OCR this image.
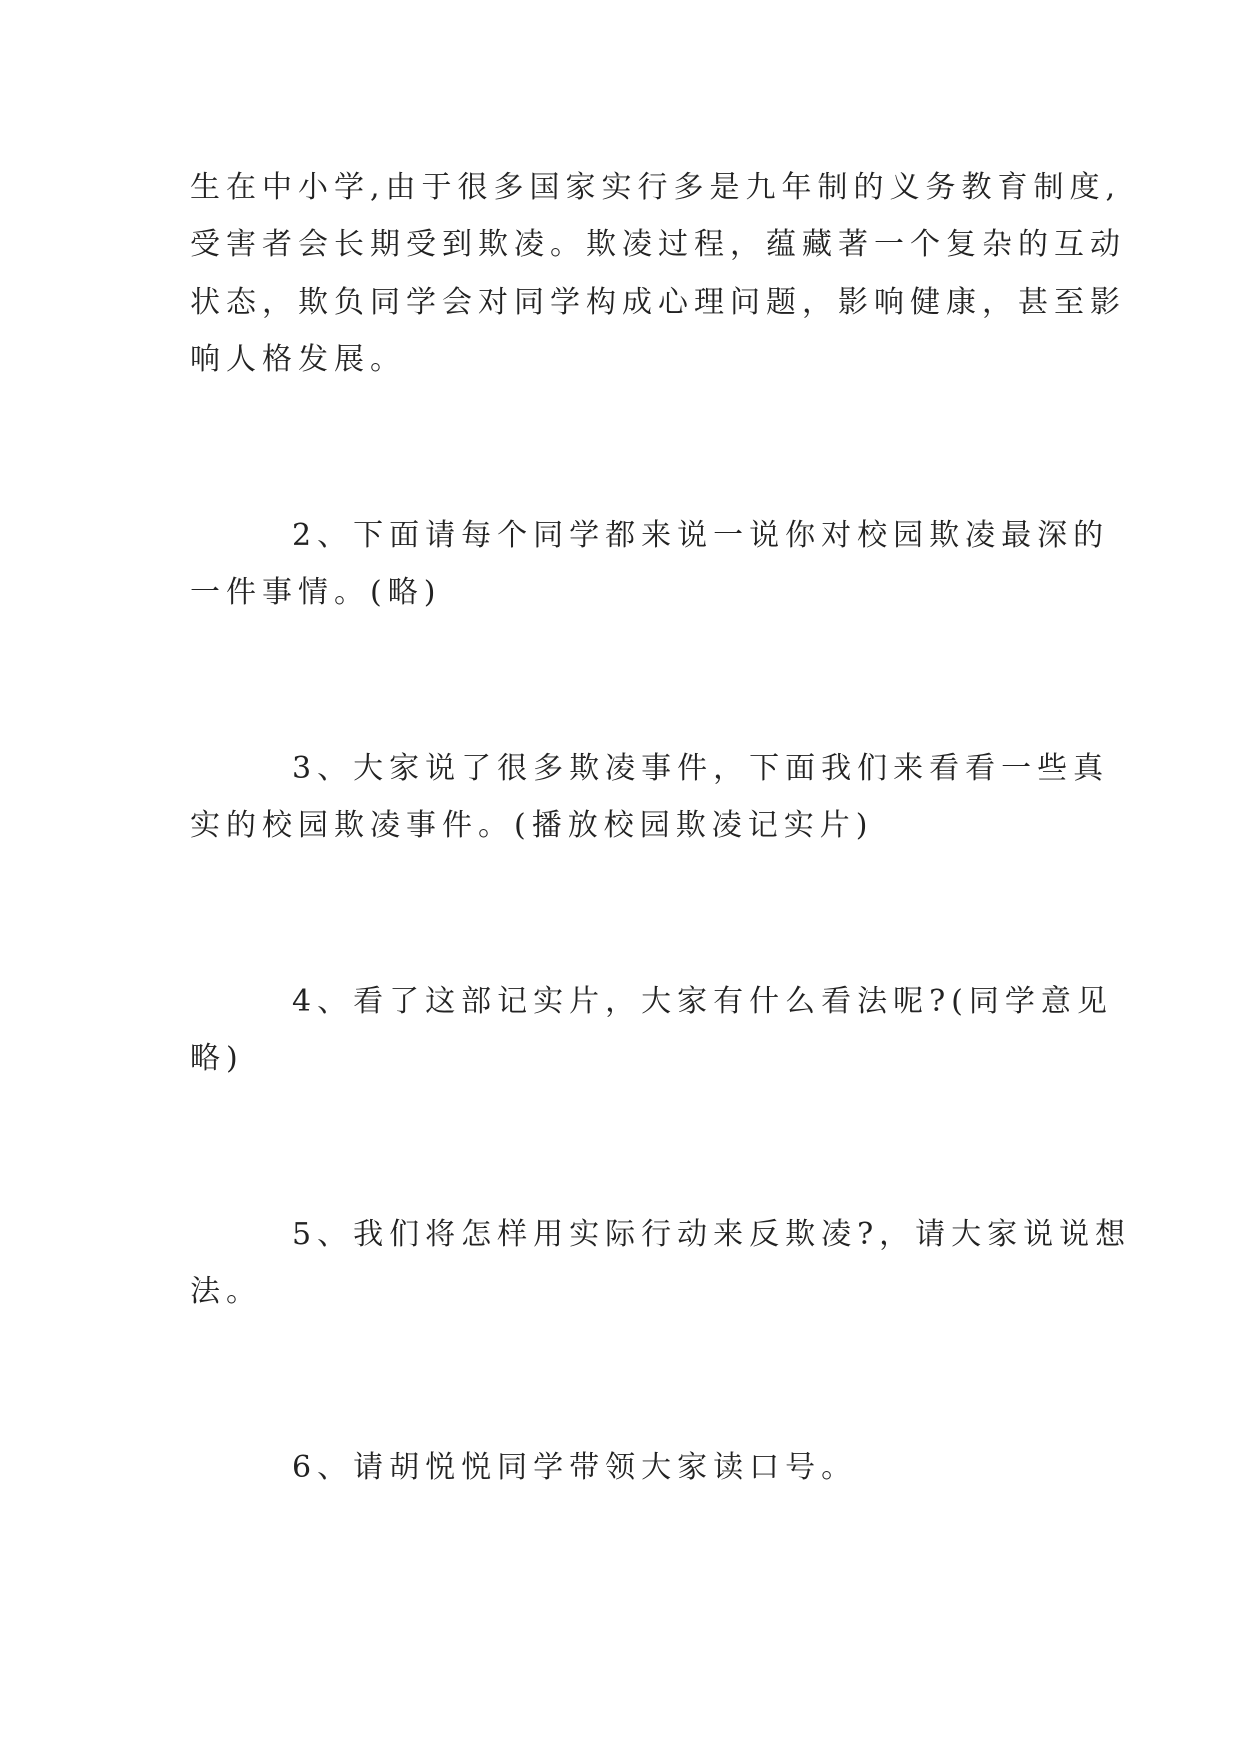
生在中小学,由于很多国家实行多是九年制的义务教育制度,
受害者会长期受到欺凌。欺凌过程，蕴藏著一个复杂的互动
状态，欺负同学会对同学构成心理问题，影响健康，甚至影
响人格发展。
2、下面请每个同学都来说一说你对校园欺凌最深的
一件事情。(略)
3、大家说了很多欺凌事件，下面我们来看看一些真
实的校园欺凌事件。(播放校园欺凌记实片)
4、看了这部记实片，大家有什么看法呢?(同学意见
略)
5、我们将怎样用实际行动来反欺凌?，请大家说说想
法。
6、请胡悦悦同学带领大家读口号。
